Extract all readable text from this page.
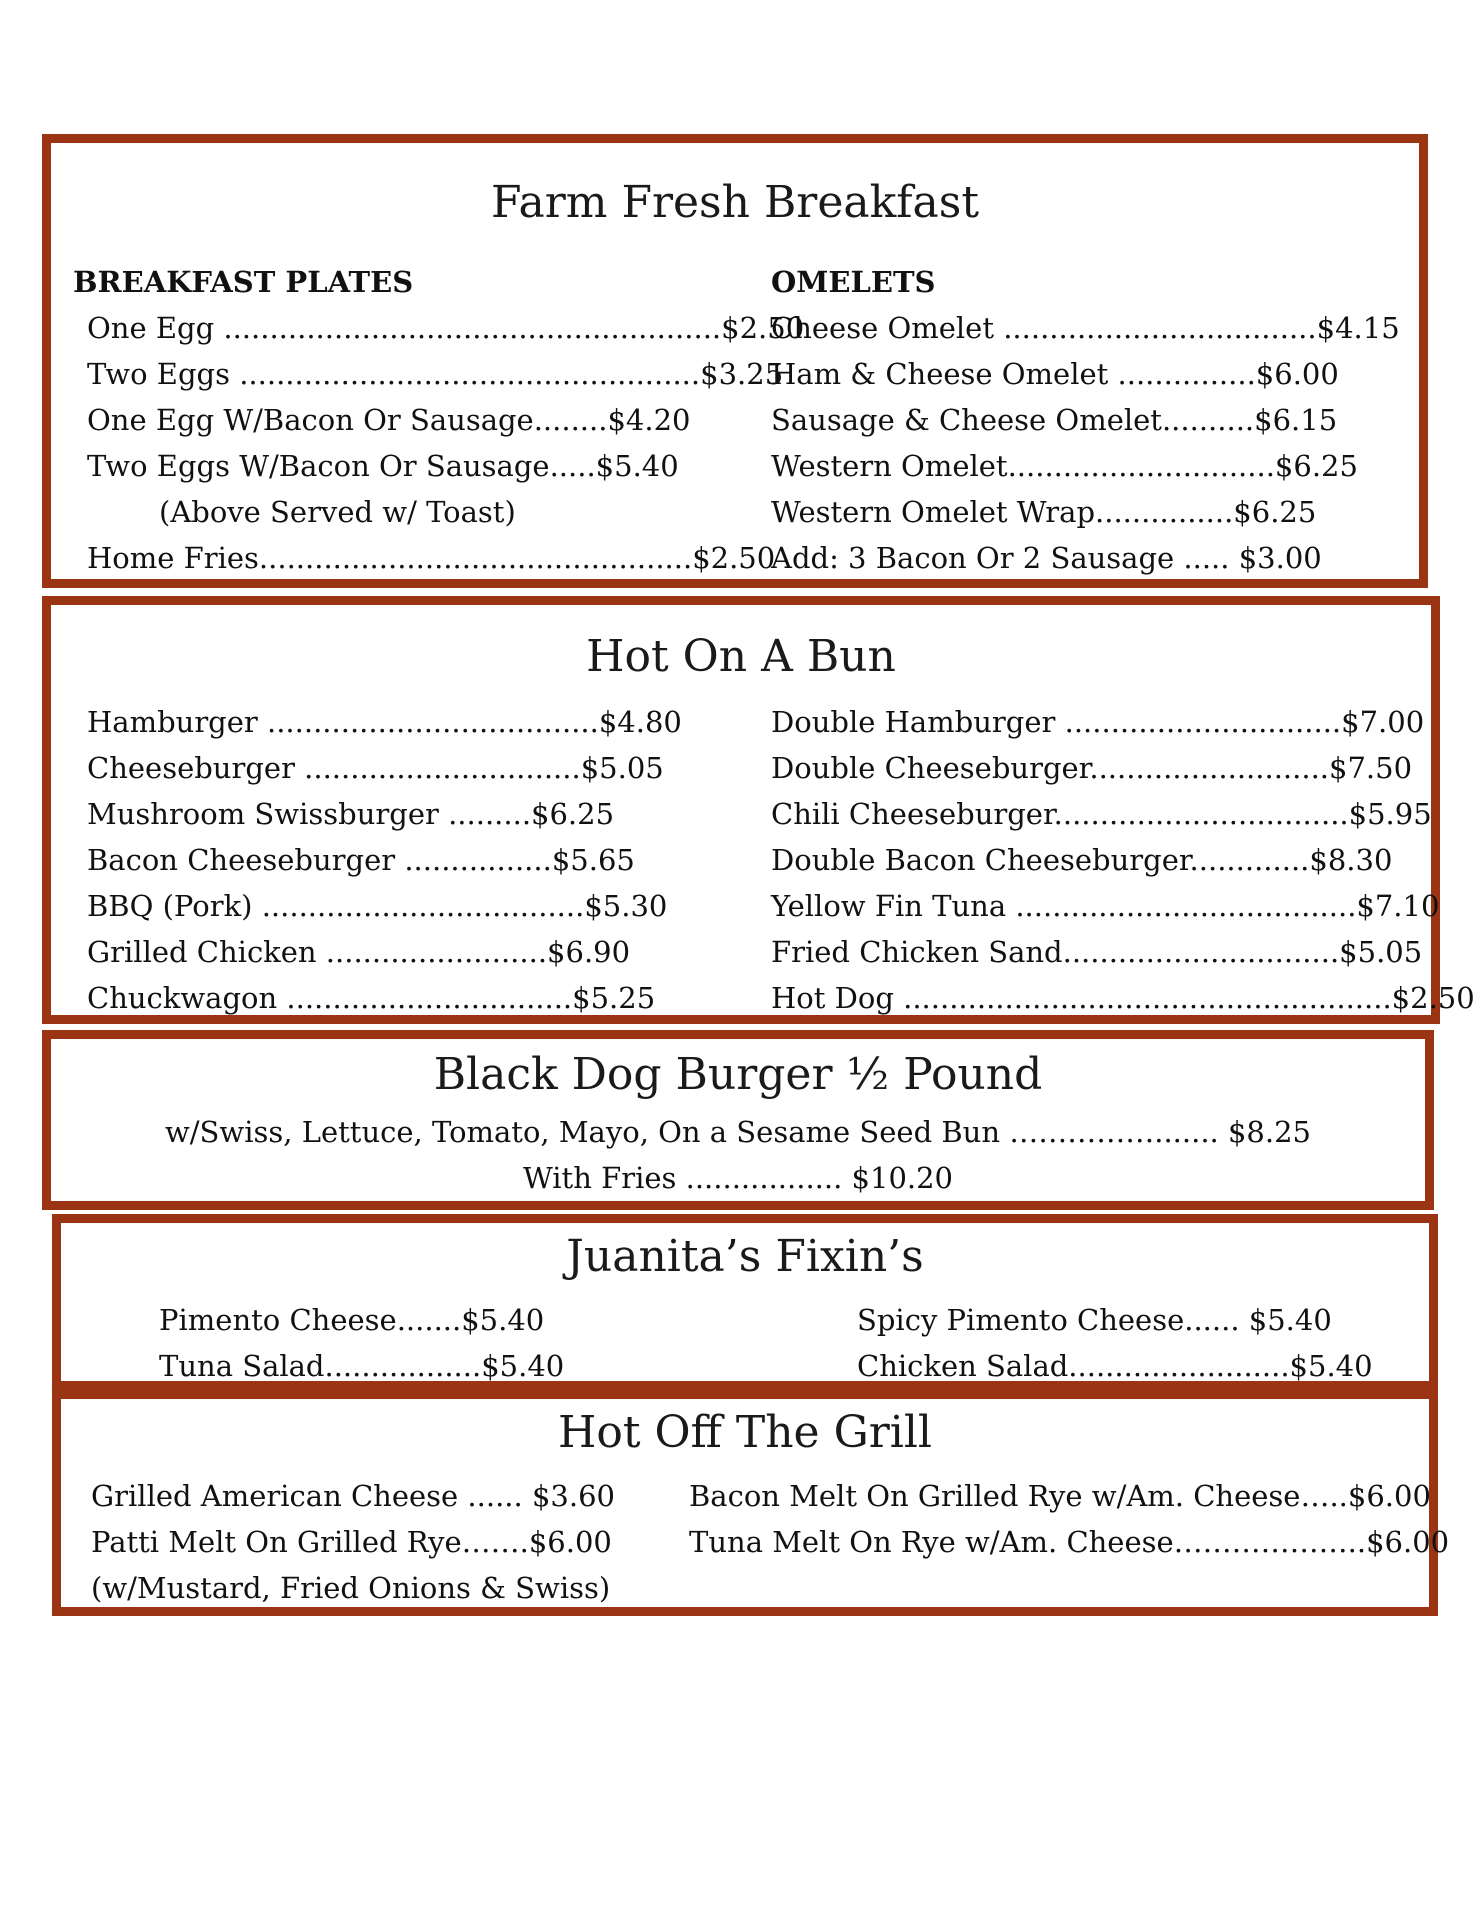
Farm Fresh Breakfast
BREAKFAST PLATES
One Egg ......................................................$2.50
Two Eggs ..................................................$3.25
One Egg W/Bacon Or Sausage........$4.20
Two Eggs W/Bacon Or Sausage.....$5.40
(Above Served w/ Toast)
Home Fries...............................................$2.50
OMELETS
Cheese Omelet ..................................$4.15
Ham & Cheese Omelet ...............$6.00
Sausage & Cheese Omelet..........$6.15
Western Omelet.............................$6.25
Western Omelet Wrap...............$6.25
Add: 3 Bacon Or 2 Sausage ..... $3.00
Hot On A Bun
Hamburger ....................................$4.80
Cheeseburger ..............................$5.05
Mushroom Swissburger .........$6.25
Bacon Cheeseburger ................$5.65
BBQ (Pork) ...................................$5.30
Grilled Chicken ........................$6.90
Chuckwagon ...............................$5.25
Double Hamburger ..............................$7.00
Double Cheeseburger..........................$7.50
Chili Cheeseburger................................$5.95
Double Bacon Cheeseburger.............$8.30
Yellow Fin Tuna .....................................$7.10
Fried Chicken Sand..............................$5.05
Hot Dog .....................................................$2.50
Black Dog Burger ½ Pound
w/Swiss, Lettuce, Tomato, Mayo, On a Sesame Seed Bun ……………....... $8.25
With Fries ................. $10.20
Juanita’s Fixin’s
Pimento Cheese.......$5.40
Tuna Salad.................$5.40
Spicy Pimento Cheese...... $5.40
Chicken Salad........................$5.40
Hot Off The Grill
Grilled American Cheese ...... $3.60
Patti Melt On Grilled Rye…….$6.00
(w/Mustard, Fried Onions & Swiss)
Bacon Melt On Grilled Rye w/Am. Cheese…..$6.00
Tuna Melt On Rye w/Am. Cheese………………..$6.00
